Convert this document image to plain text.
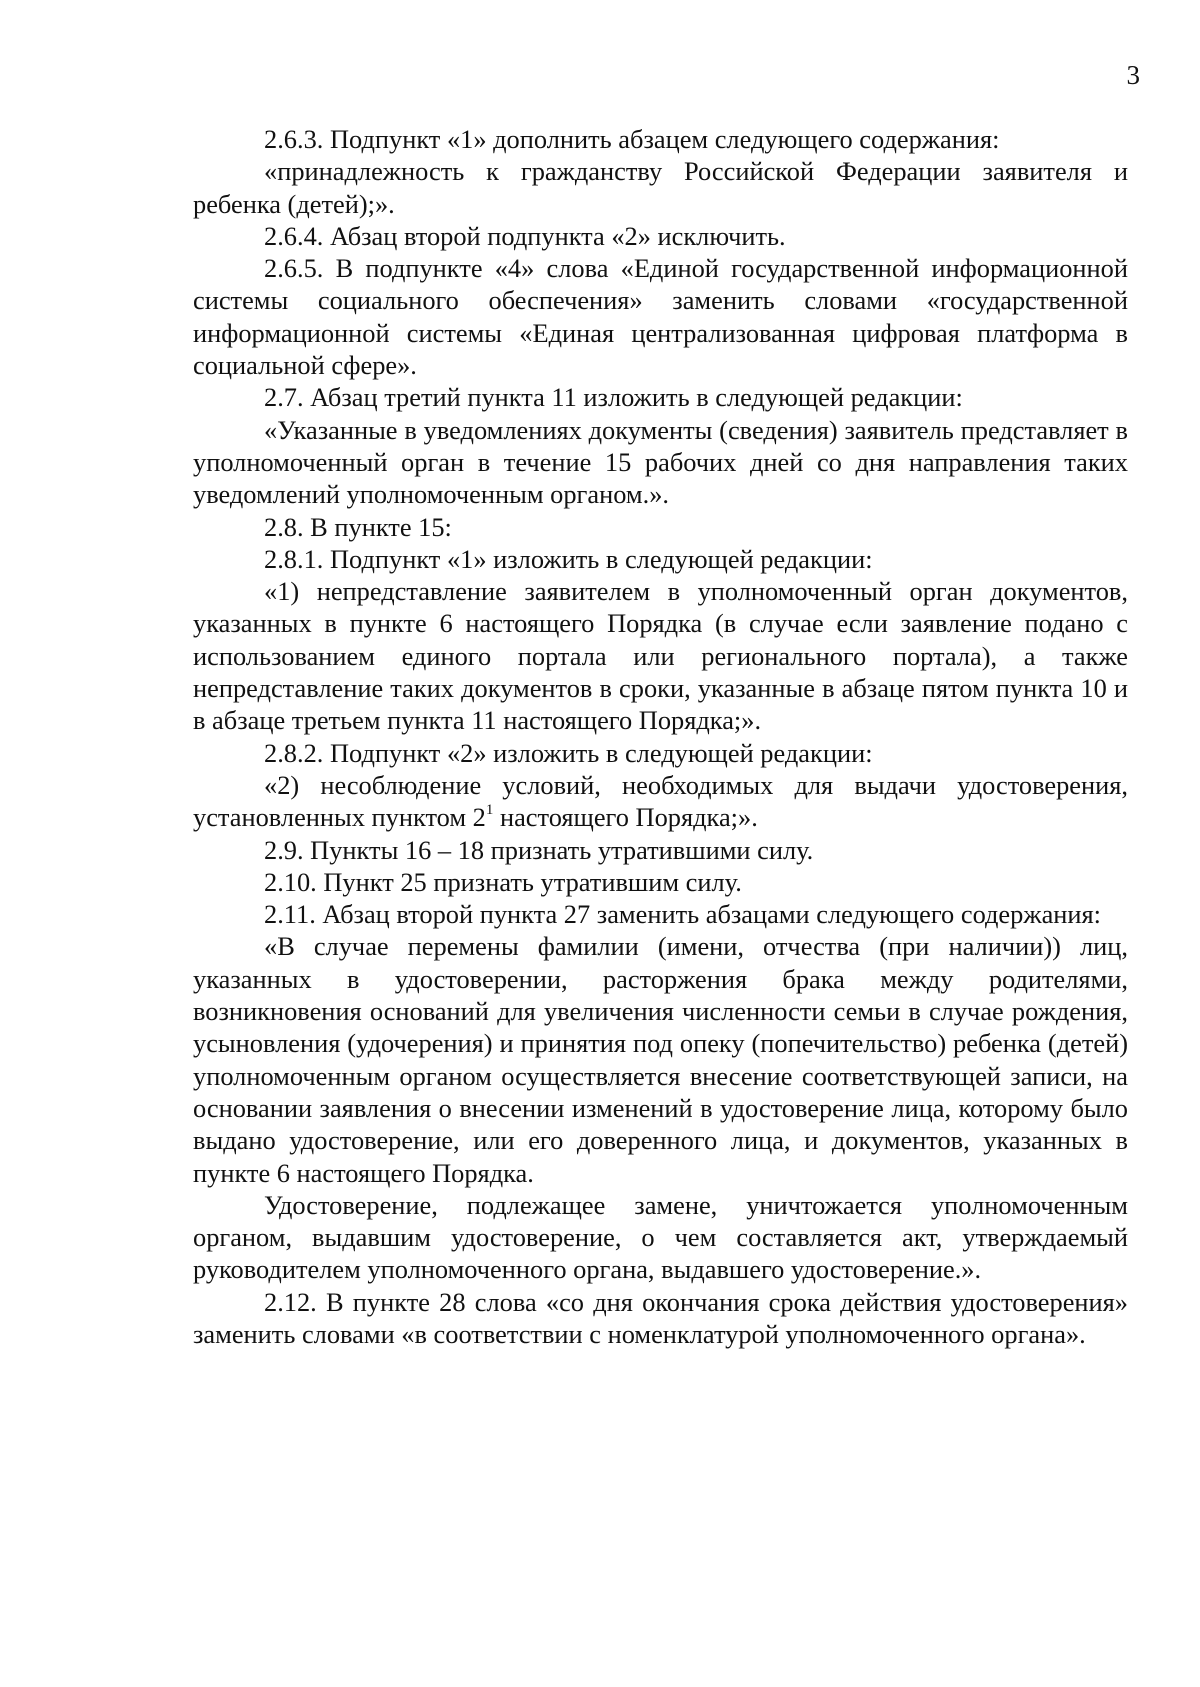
3

2.6.3. Подпункт «1» дополнить абзацем следующего содержания:

«принадлежность к гражданству Российской Федерации заявителя и ребенка (детей);».

2.6.4. Абзац второй подпункта «2» исключить.

2.6.5. В подпункте «4» слова «Единой государственной информационной системы социального обеспечения» заменить словами «государственной информационной системы «Единая централизованная цифровая платформа в социальной сфере».

2.7. Абзац третий пункта 11 изложить в следующей редакции:

«Указанные в уведомлениях документы (сведения) заявитель представляет в уполномоченный орган в течение 15 рабочих дней со дня направления таких уведомлений уполномоченным органом.».

2.8. В пункте 15:

2.8.1. Подпункт «1» изложить в следующей редакции:

«1) непредставление заявителем в уполномоченный орган документов, указанных в пункте 6 настоящего Порядка (в случае если заявление подано с использованием единого портала или регионального портала), а также непредставление таких документов в сроки, указанные в абзаце пятом пункта 10 и в абзаце третьем пункта 11 настоящего Порядка;».

2.8.2. Подпункт «2» изложить в следующей редакции:

«2) несоблюдение условий, необходимых для выдачи удостоверения, установленных пунктом $2^1$ настоящего Порядка;».

2.9. Пункты 16 – 18 признать утратившими силу.

2.10. Пункт 25 признать утратившим силу.

2.11. Абзац второй пункта 27 заменить абзацами следующего содержания:

«В случае перемены фамилии (имени, отчества (при наличии)) лиц, указанных в удостоверении, расторжения брака между родителями, возникновения оснований для увеличения численности семьи в случае рождения, усыновления (удочерения) и принятия под опеку (попечительство) ребенка (детей) уполномоченным органом осуществляется внесение соответствующей записи, на основании заявления о внесении изменений в удостоверение лица, которому было выдано удостоверение, или его доверенного лица, и документов, указанных в пункте 6 настоящего Порядка.

Удостоверение, подлежащее замене, уничтожается уполномоченным органом, выдавшим удостоверение, о чем составляется акт, утверждаемый руководителем уполномоченного органа, выдавшего удостоверение.».

2.12. В пункте 28 слова «со дня окончания срока действия удостоверения» заменить словами «в соответствии с номенклатурой уполномоченного органа».
